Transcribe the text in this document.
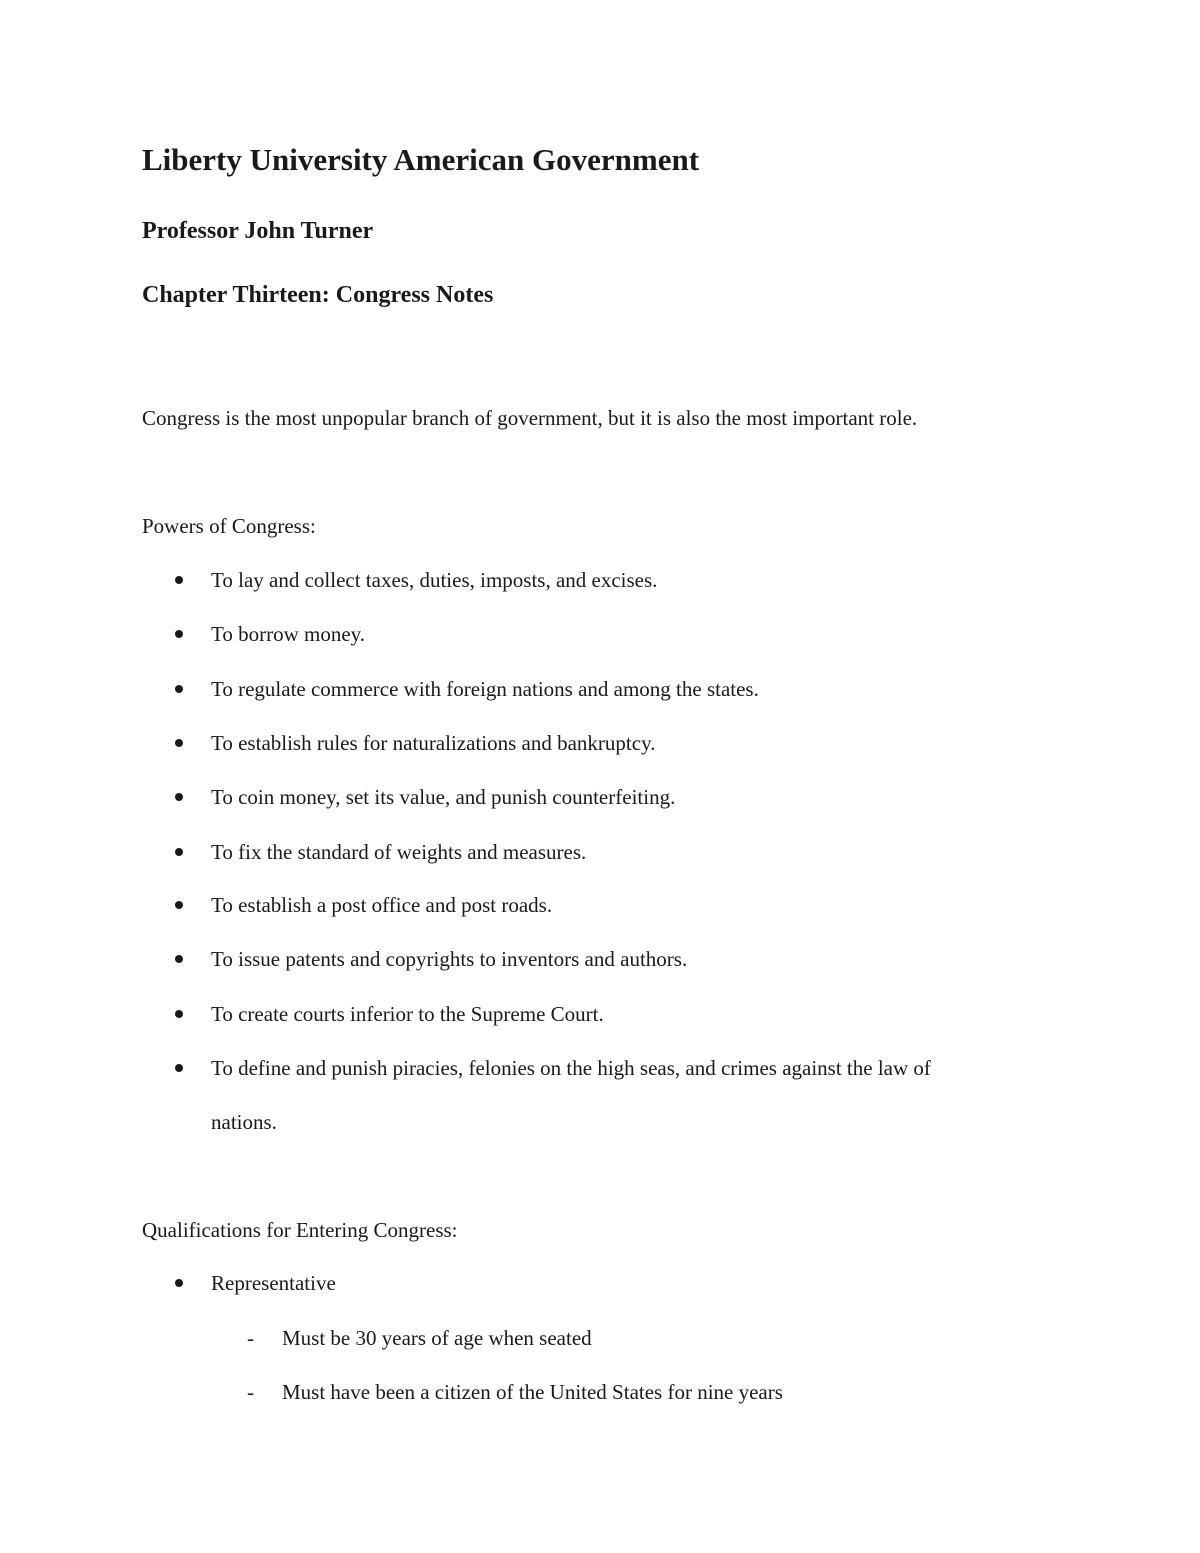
Liberty University American Government

Professor John Turner

Chapter Thirteen: Congress Notes

Congress is the most unpopular branch of government, but it is also the most important role.

Powers of Congress:

To lay and collect taxes, duties, imposts, and excises.
To borrow money.
To regulate commerce with foreign nations and among the states.
To establish rules for naturalizations and bankruptcy.
To coin money, set its value, and punish counterfeiting.
To fix the standard of weights and measures.
To establish a post office and post roads.
To issue patents and copyrights to inventors and authors.
To create courts inferior to the Supreme Court.
To define and punish piracies, felonies on the high seas, and crimes against the law of
nations.

Qualifications for Entering Congress:

Representative
- Must be 30 years of age when seated
- Must have been a citizen of the United States for nine years
